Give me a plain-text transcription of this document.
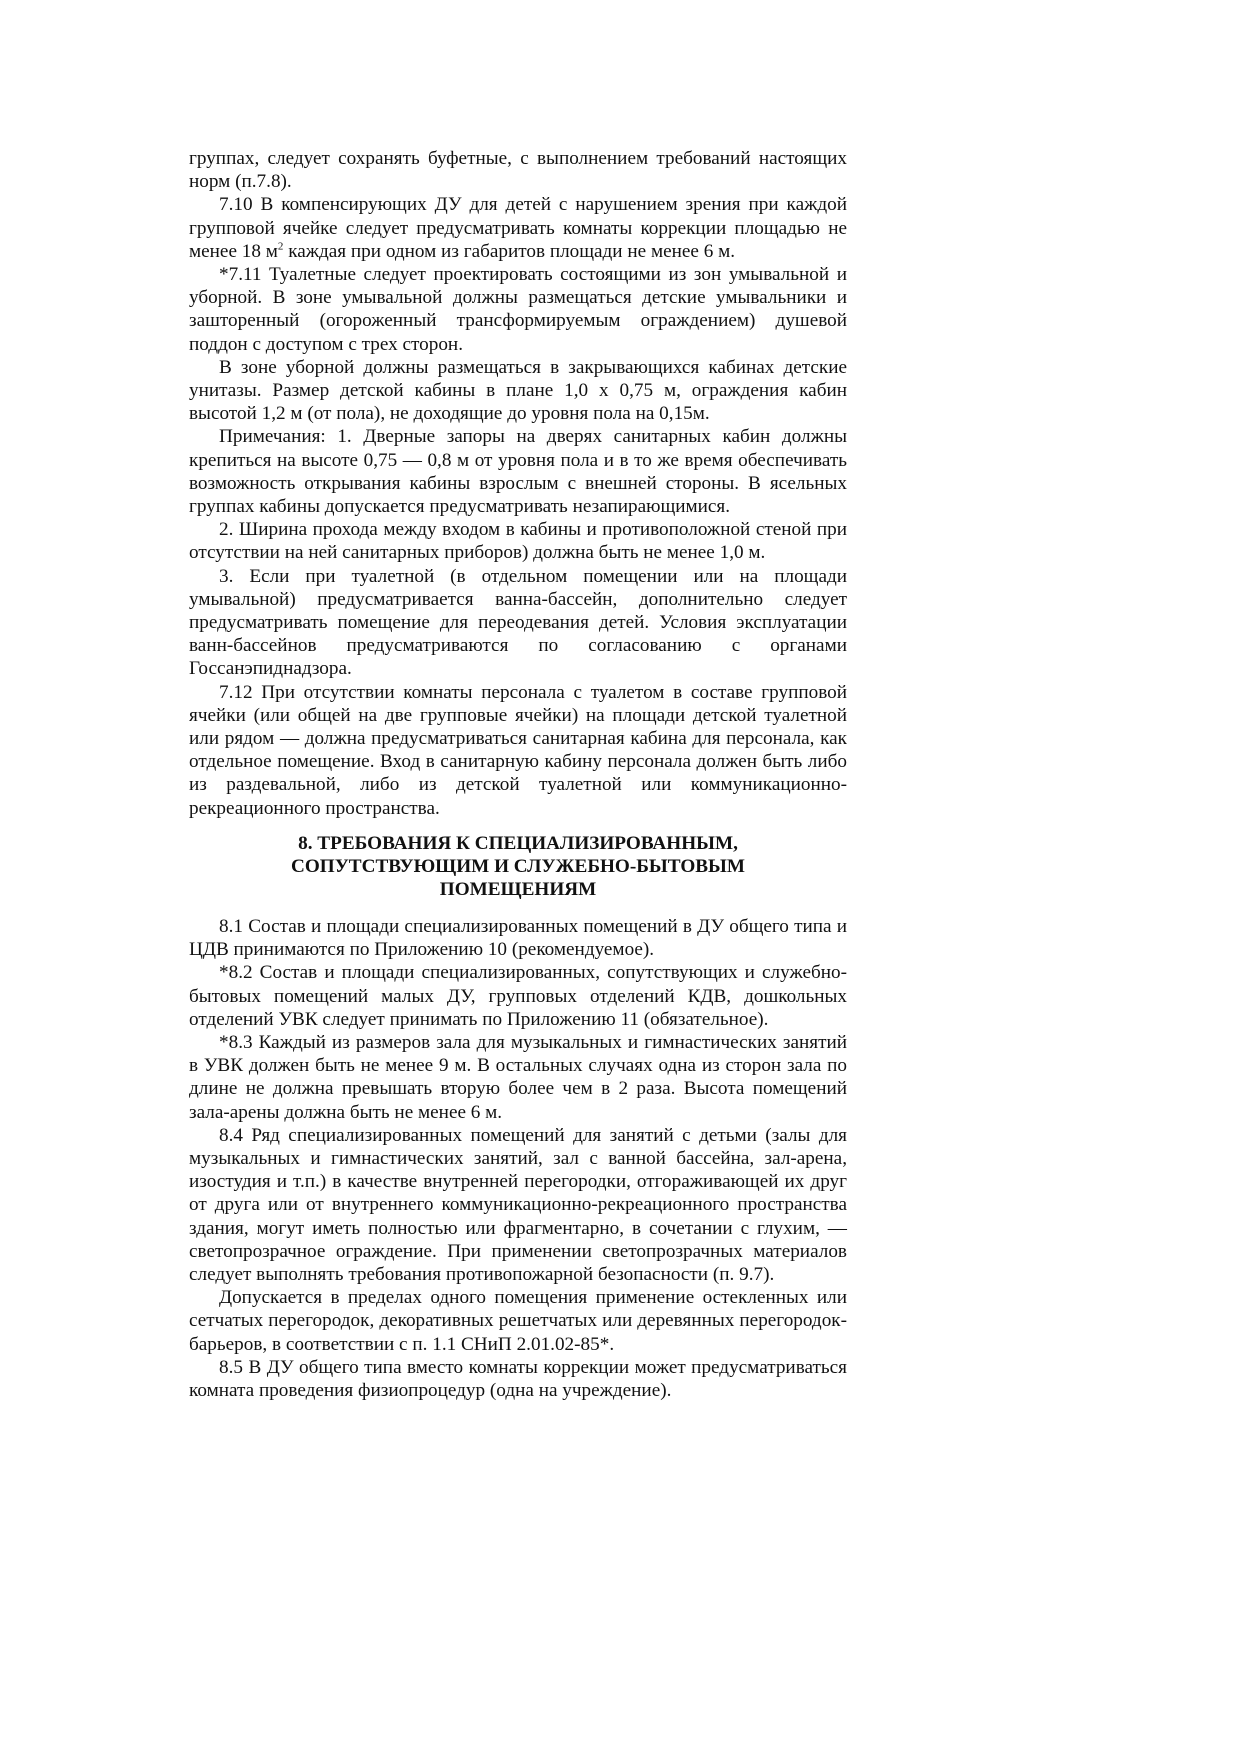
группах, следует сохранять буфетные, с выполнением требований настоящих норм (п.7.8).

7.10 В компенсирующих ДУ для детей с нарушением зрения при каждой групповой ячейке следует предусматривать комнаты коррекции площадью не менее 18 $м^2$ каждая при одном из габаритов площади не менее 6 м.

*7.11 Туалетные следует проектировать состоящими из зон умывальной и уборной. В зоне умывальной должны размещаться детские умывальники и зашторенный (огороженный трансформируемым ограждением) душевой поддон с доступом с трех сторон.

В зоне уборной должны размещаться в закрывающихся кабинах детские унитазы. Размер детской кабины в плане 1,0 х 0,75 м, ограждения кабин высотой 1,2 м (от пола), не доходящие до уровня пола на 0,15м.

Примечания: 1. Дверные запоры на дверях санитарных кабин должны крепиться на высоте 0,75 — 0,8 м от уровня пола и в то же время обеспечивать возможность открывания кабины взрослым с внешней стороны. В ясельных группах кабины допускается предусматривать незапирающимися.

2. Ширина прохода между входом в кабины и противоположной стеной при отсутствии на ней санитарных приборов) должна быть не менее 1,0 м.

3. Если при туалетной (в отдельном помещении или на площади умывальной) предусматривается ванна-бассейн, дополнительно следует предусматривать помещение для переодевания детей. Условия эксплуатации ванн-бассейнов предусматриваются по согласованию с органами Госсанэпиднадзора.

7.12 При отсутствии комнаты персонала с туалетом в составе групповой ячейки (или общей на две групповые ячейки) на площади детской туалетной или рядом — должна предусматриваться санитарная кабина для персонала, как отдельное помещение. Вход в санитарную кабину персонала должен быть либо из раздевальной, либо из детской туалетной или коммуникационно-рекреационного пространства.

8. ТРЕБОВАНИЯ К СПЕЦИАЛИЗИРОВАННЫМ,
СОПУТСТВУЮЩИМ И СЛУЖЕБНО-БЫТОВЫМ
ПОМЕЩЕНИЯМ

8.1 Состав и площади специализированных помещений в ДУ общего типа и ЦДВ принимаются по Приложению 10 (рекомендуемое).

*8.2 Состав и площади специализированных, сопутствующих и служебно-бытовых помещений малых ДУ, групповых отделений КДВ, дошкольных отделений УВК следует принимать по Приложению 11 (обязательное).

*8.3 Каждый из размеров зала для музыкальных и гимнастических занятий в УВК должен быть не менее 9 м. В остальных случаях одна из сторон зала по длине не должна превышать вторую более чем в 2 раза. Высота помещений зала-арены должна быть не менее 6 м.

8.4 Ряд специализированных помещений для занятий с детьми (залы для музыкальных и гимнастических занятий, зал с ванной бассейна, зал-арена, изостудия и т.п.) в качестве внутренней перегородки, отгораживающей их друг от друга или от внутреннего коммуникационно-рекреационного пространства здания, могут иметь полностью или фрагментарно, в сочетании с глухим, — светопрозрачное ограждение. При применении светопрозрачных материалов следует выполнять требования противопожарной безопасности (п. 9.7).

Допускается в пределах одного помещения применение остекленных или сетчатых перегородок, декоративных решетчатых или деревянных перегородок-барьеров, в соответствии с п. 1.1 СНиП 2.01.02-85*.

8.5 В ДУ общего типа вместо комнаты коррекции может предусматриваться комната проведения физиопроцедур (одна на учреждение).
